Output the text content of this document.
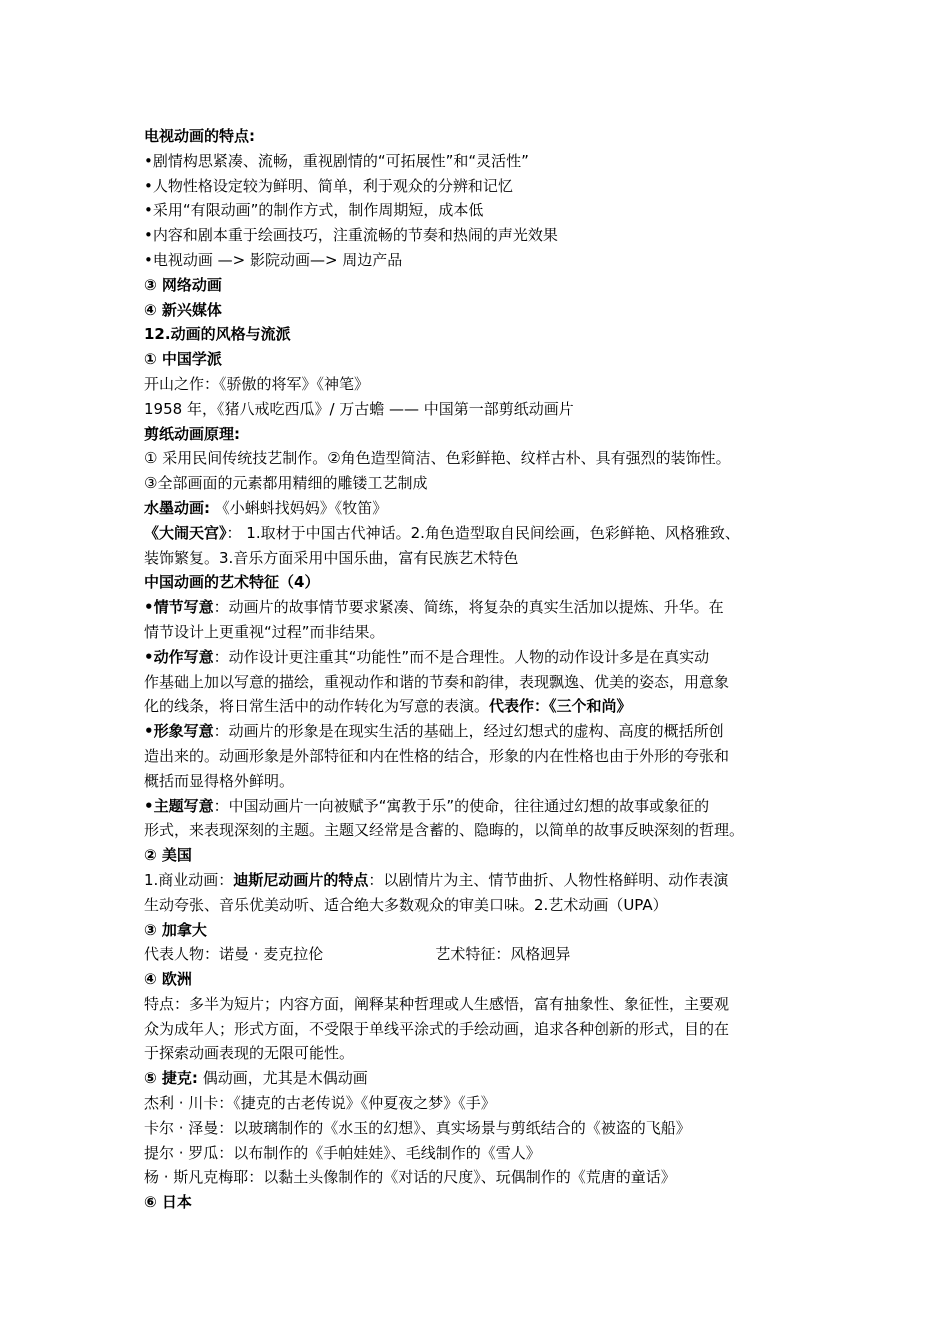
电视动画的特点:
•剧情构思紧凑、流畅，重视剧情的“可拓展性”和“灵活性”
•人物性格设定较为鲜明、简单，利于观众的分辨和记忆
•采用“有限动画”的制作方式，制作周期短，成本低
•内容和剧本重于绘画技巧，注重流畅的节奏和热闹的声光效果
•电视动画 —> 影院动画—> 周边产品
③ 网络动画
④ 新兴媒体
12.动画的风格与流派
① 中国学派
开山之作：《骄傲的将军》《神笔》
1958 年，《猪八戒吃西瓜》/ 万古蟾 —— 中国第一部剪纸动画片
剪纸动画原理:
① 采用民间传统技艺制作。②角色造型简洁、色彩鲜艳、纹样古朴、具有强烈的装饰性。
③全部画面的元素都用精细的雕镂工艺制成
水墨动画: 《小蝌蚪找妈妈》《牧笛》
《大闹天宫》： 1.取材于中国古代神话。2.角色造型取自民间绘画，色彩鲜艳、风格雅致、
装饰繁复。3.音乐方面采用中国乐曲，富有民族艺术特色
中国动画的艺术特征（4）
•情节写意：动画片的故事情节要求紧凑、简练，将复杂的真实生活加以提炼、升华。在
情节设计上更重视“过程”而非结果。
•动作写意：动作设计更注重其“功能性”而不是合理性。人物的动作设计多是在真实动
作基础上加以写意的描绘，重视动作和谐的节奏和韵律，表现飘逸、优美的姿态，用意象
化的线条，将日常生活中的动作转化为写意的表演。代表作：《三个和尚》
•形象写意：动画片的形象是在现实生活的基础上，经过幻想式的虚构、高度的概括所创
造出来的。动画形象是外部特征和内在性格的结合，形象的内在性格也由于外形的夸张和
概括而显得格外鲜明。
•主题写意：中国动画片一向被赋予“寓教于乐”的使命，往往通过幻想的故事或象征的
形式，来表现深刻的主题。主题又经常是含蓄的、隐晦的，以简单的故事反映深刻的哲理。
② 美国
1.商业动画：迪斯尼动画片的特点：以剧情片为主、情节曲折、人物性格鲜明、动作表演
生动夸张、音乐优美动听、适合绝大多数观众的审美口味。2.艺术动画（UPA）
③ 加拿大
代表人物：诺曼 · 麦克拉伦	艺术特征：风格迥异
④ 欧洲
特点：多半为短片；内容方面，阐释某种哲理或人生感悟，富有抽象性、象征性，主要观
众为成年人；形式方面，不受限于单线平涂式的手绘动画，追求各种创新的形式，目的在
于探索动画表现的无限可能性。
⑤ 捷克: 偶动画，尤其是木偶动画
杰利 · 川卡：《捷克的古老传说》《仲夏夜之梦》《手》
卡尔 · 泽曼：以玻璃制作的《水玉的幻想》、真实场景与剪纸结合的《被盗的飞船》
提尔 · 罗瓜：以布制作的《手帕娃娃》、毛线制作的《雪人》
杨 · 斯凡克梅耶：以黏土头像制作的《对话的尺度》、玩偶制作的《荒唐的童话》
⑥ 日本
